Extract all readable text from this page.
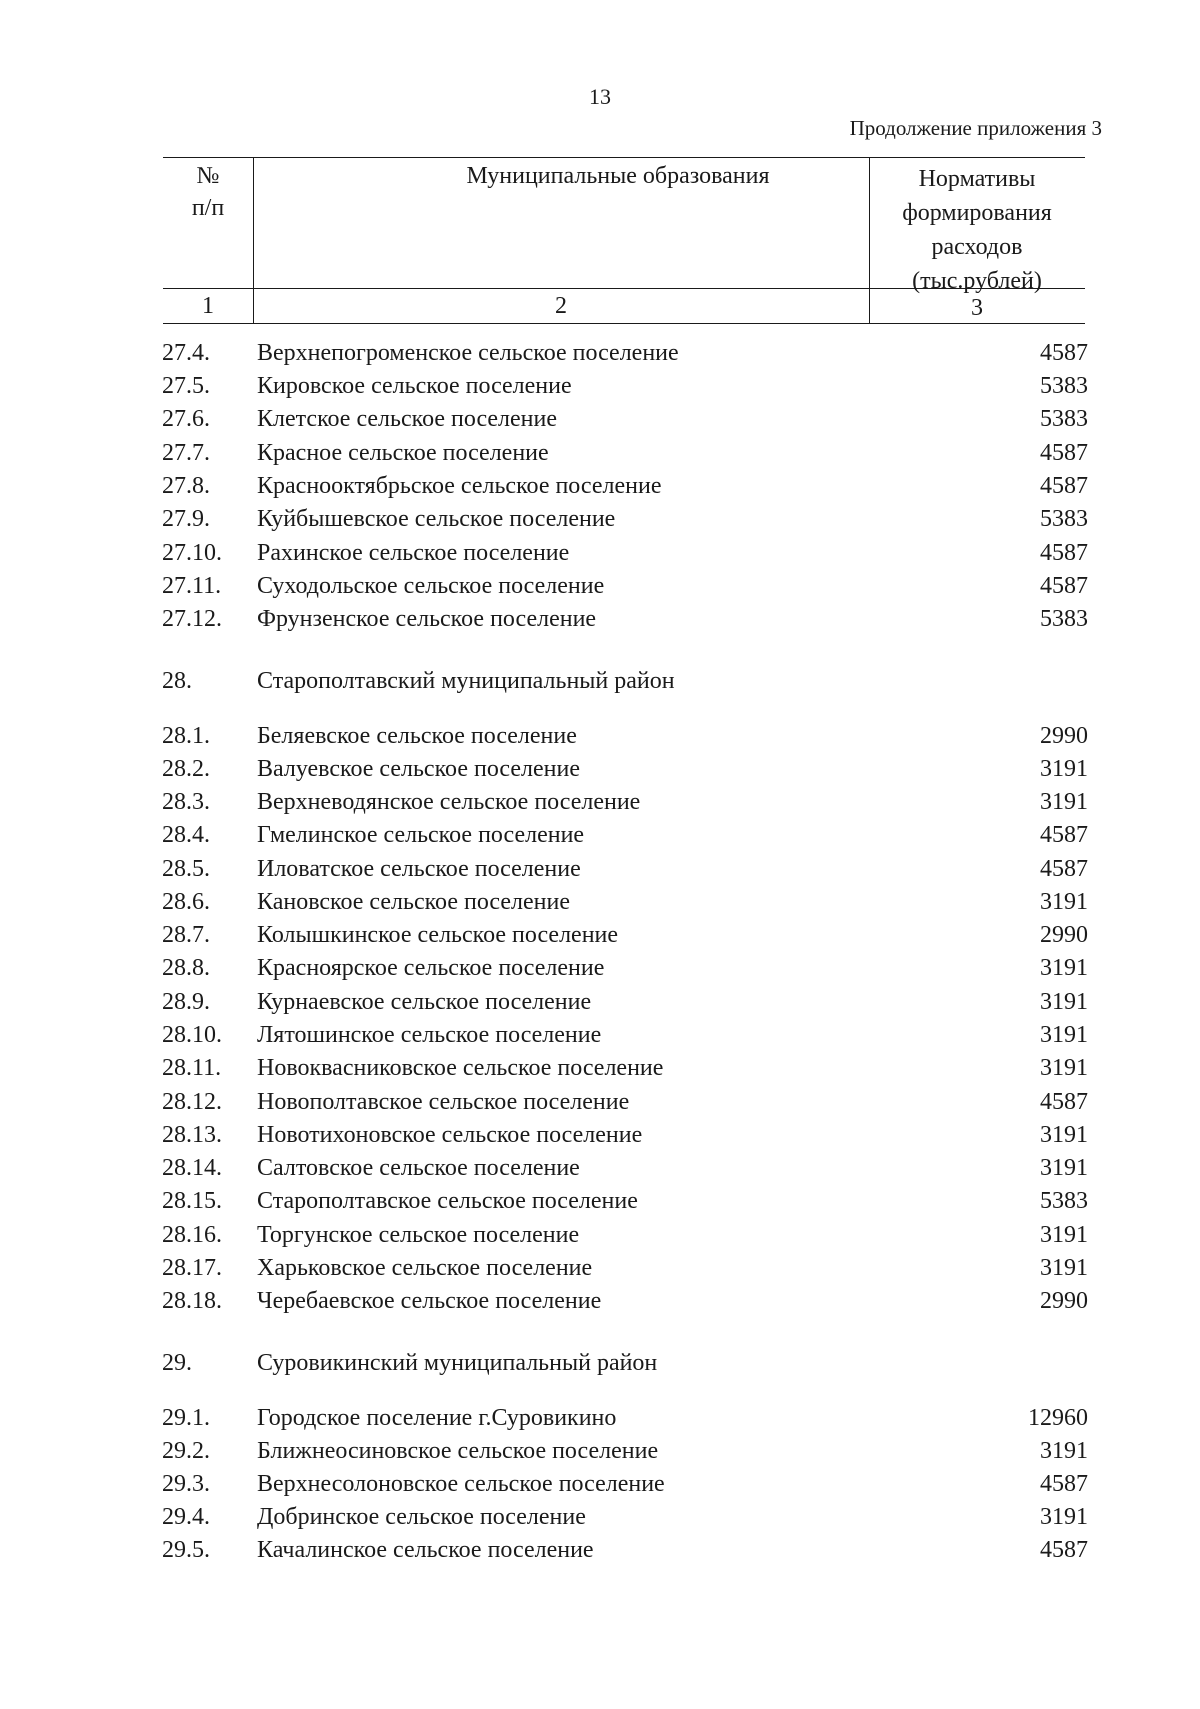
13
Продолжение приложения 3
№
п/п
Муниципальные образования	Нормативы
формирования
расходов
(тыс.рублей)
1	2	3
27.4. Верхнепогроменское сельское поселение	4587
27.5. Кировское сельское поселение	5383
27.6. Клетское сельское поселение	5383
27.7. Красное сельское поселение	4587
27.8. Краснооктябрьское сельское поселение	4587
27.9. Куйбышевское сельское поселение	5383
27.10. Рахинское сельское поселение	4587
27.11. Суходольское сельское поселение	4587
27.12. Фрунзенское сельское поселение	5383
28.	Старополтавский муниципальный район
28.1. Беляевское сельское поселение	2990
28.2. Валуевское сельское поселение	3191
28.3. Верхневодянское сельское поселение	3191
28.4. Гмелинское сельское поселение	4587
28.5. Иловатское сельское поселение	4587
28.6. Кановское сельское поселение	3191
28.7. Колышкинское сельское поселение	2990
28.8. Красноярское сельское поселение	3191
28.9. Курнаевское сельское поселение	3191
28.10. Лятошинское сельское поселение	3191
28.11. Новоквасниковское сельское поселение	3191
28.12. Новополтавское сельское поселение	4587
28.13. Новотихоновское сельское поселение	3191
28.14. Салтовское сельское поселение	3191
28.15. Старополтавское сельское поселение	5383
28.16. Торгунское сельское поселение	3191
28.17. Харьковское сельское поселение	3191
28.18. Черебаевское сельское поселение	2990
29.	Суровикинский муниципальный район
29.1. Городское поселение г.Суровикино	12960
29.2. Ближнеосиновское сельское поселение	3191
29.3. Верхнесолоновское сельское поселение	4587
29.4. Добринское сельское поселение	3191
29.5. Качалинское сельское поселение	4587
